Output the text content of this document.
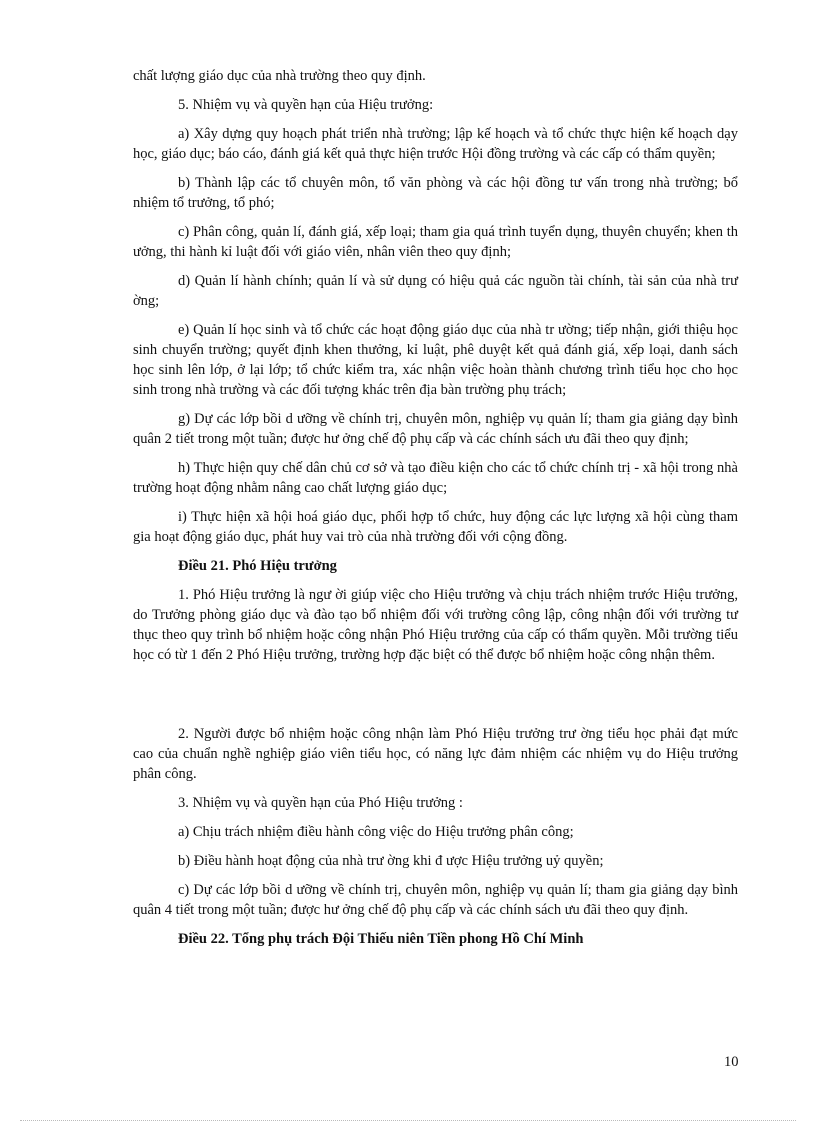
chất lượng giáo dục của nhà trường theo quy định.

5. Nhiệm vụ và quyền hạn của Hiệu trưởng:

a) Xây dựng quy hoạch phát triển nhà trường; lập kế hoạch và tổ chức thực hiện kế hoạch dạy học, giáo dục; báo cáo, đánh giá kết quả thực hiện trước Hội đồng trường và các cấp có thẩm quyền;

b) Thành lập các tổ chuyên môn, tổ văn phòng và các hội đồng tư vấn trong nhà trường; bổ nhiệm tổ trưởng, tổ phó;

c) Phân công, quản lí, đánh giá, xếp loại; tham gia quá trình tuyển dụng, thuyên chuyển; khen th ưởng, thi hành kỉ luật đối với giáo viên, nhân viên theo quy định;

d) Quản lí hành chính; quản lí và sử dụng có hiệu quả các nguồn tài chính, tài sản của nhà trư ờng;

e) Quản lí học sinh và tổ chức các hoạt động giáo dục của nhà tr ường; tiếp nhận, giới thiệu học sinh chuyển trường; quyết định khen thưởng, kỉ luật, phê duyệt kết quả đánh giá, xếp loại, danh sách học sinh lên lớp, ở lại lớp; tổ chức kiểm tra, xác nhận việc hoàn thành chương trình tiểu học cho học sinh trong nhà trường và các đối tượng khác trên địa bàn trường phụ trách;

g) Dự các lớp bồi d ưỡng về chính trị, chuyên môn, nghiệp vụ quản lí; tham gia giảng dạy bình quân 2 tiết trong một tuần; được hư ởng chế độ phụ cấp và các chính sách ưu đãi theo quy định;

h) Thực hiện quy chế dân chủ cơ sở và tạo điều kiện cho các tổ chức chính trị - xã hội trong nhà trường hoạt động nhằm nâng cao chất lượng giáo dục;

i) Thực hiện xã hội hoá giáo dục, phối hợp tổ chức, huy động các lực lượng xã hội cùng tham gia hoạt động giáo dục, phát huy vai trò của nhà trường đối với cộng đồng.

Điều 21. Phó Hiệu trưởng

1. Phó Hiệu trưởng là ngư ời giúp việc cho Hiệu trưởng và chịu trách nhiệm trước Hiệu trưởng, do Trưởng phòng giáo dục và đào tạo bổ nhiệm đối với trường công lập, công nhận đối với trường tư thục theo quy trình bổ nhiệm hoặc công nhận Phó Hiệu trưởng của cấp có thẩm quyền. Mỗi trường tiểu học có từ 1 đến 2 Phó Hiệu trưởng, trường hợp đặc biệt có thể được bổ nhiệm hoặc công nhận thêm.

2. Người được bổ nhiệm hoặc công nhận làm Phó Hiệu trưởng trư ờng tiểu học phải đạt mức cao của chuẩn nghề nghiệp giáo viên tiểu học, có năng lực đảm nhiệm các nhiệm vụ do Hiệu trưởng phân công.

3. Nhiệm vụ và quyền hạn của Phó Hiệu trưởng :

a) Chịu trách nhiệm điều hành công việc do Hiệu trưởng phân công;

b) Điều hành hoạt động của nhà trư ờng khi đ ược Hiệu trưởng uỷ quyền;

c) Dự các lớp bồi d ưỡng về chính trị, chuyên môn, nghiệp vụ quản lí; tham gia giảng dạy bình quân 4 tiết trong một tuần; được hư ởng chế độ phụ cấp và các chính sách ưu đãi theo quy định.

Điều 22. Tổng phụ trách Đội Thiếu niên Tiền phong Hồ Chí Minh

10
